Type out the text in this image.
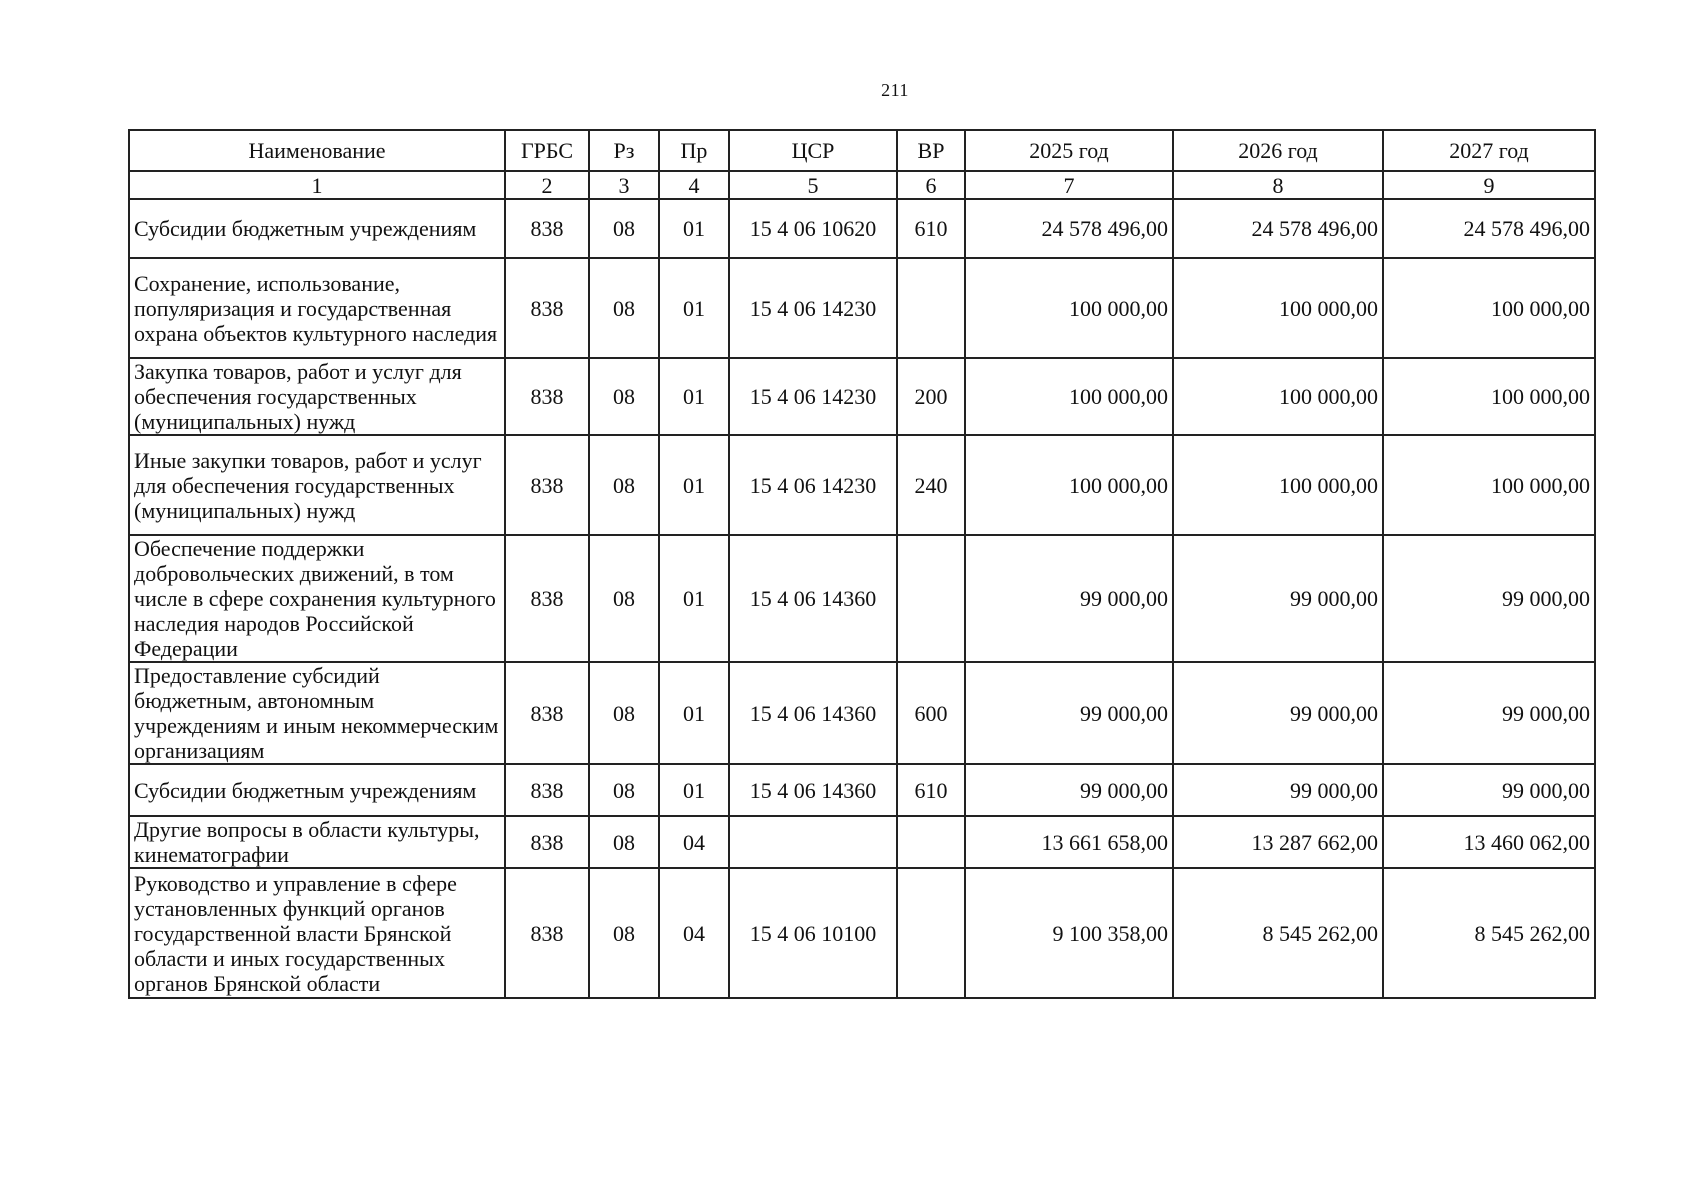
211
Наименование	ГРБС	Рз	Пр	ЦСР	ВР	2025 год	2026 год	2027 год
1	2	3	4	5	6	7	8	9
Субсидии бюджетным учреждениям	838	08	01	15 4 06 10620	610	24 578 496,00	24 578 496,00	24 578 496,00
Сохранение, использование, популяризация и государственная охрана объектов культурного наследия	838	08	01	15 4 06 14230		100 000,00	100 000,00	100 000,00
Закупка товаров, работ и услуг для обеспечения государственных (муниципальных) нужд	838	08	01	15 4 06 14230	200	100 000,00	100 000,00	100 000,00
Иные закупки товаров, работ и услуг для обеспечения государственных (муниципальных) нужд	838	08	01	15 4 06 14230	240	100 000,00	100 000,00	100 000,00
Обеспечение поддержки добровольческих движений, в том числе в сфере сохранения культурного наследия народов Российской Федерации	838	08	01	15 4 06 14360		99 000,00	99 000,00	99 000,00
Предоставление субсидий бюджетным, автономным учреждениям и иным некоммерческим организациям	838	08	01	15 4 06 14360	600	99 000,00	99 000,00	99 000,00
Субсидии бюджетным учреждениям	838	08	01	15 4 06 14360	610	99 000,00	99 000,00	99 000,00
Другие вопросы в области культуры, кинематографии	838	08	04			13 661 658,00	13 287 662,00	13 460 062,00
Руководство и управление в сфере установленных функций органов государственной власти Брянской области и иных государственных органов Брянской области	838	08	04	15 4 06 10100		9 100 358,00	8 545 262,00	8 545 262,00
